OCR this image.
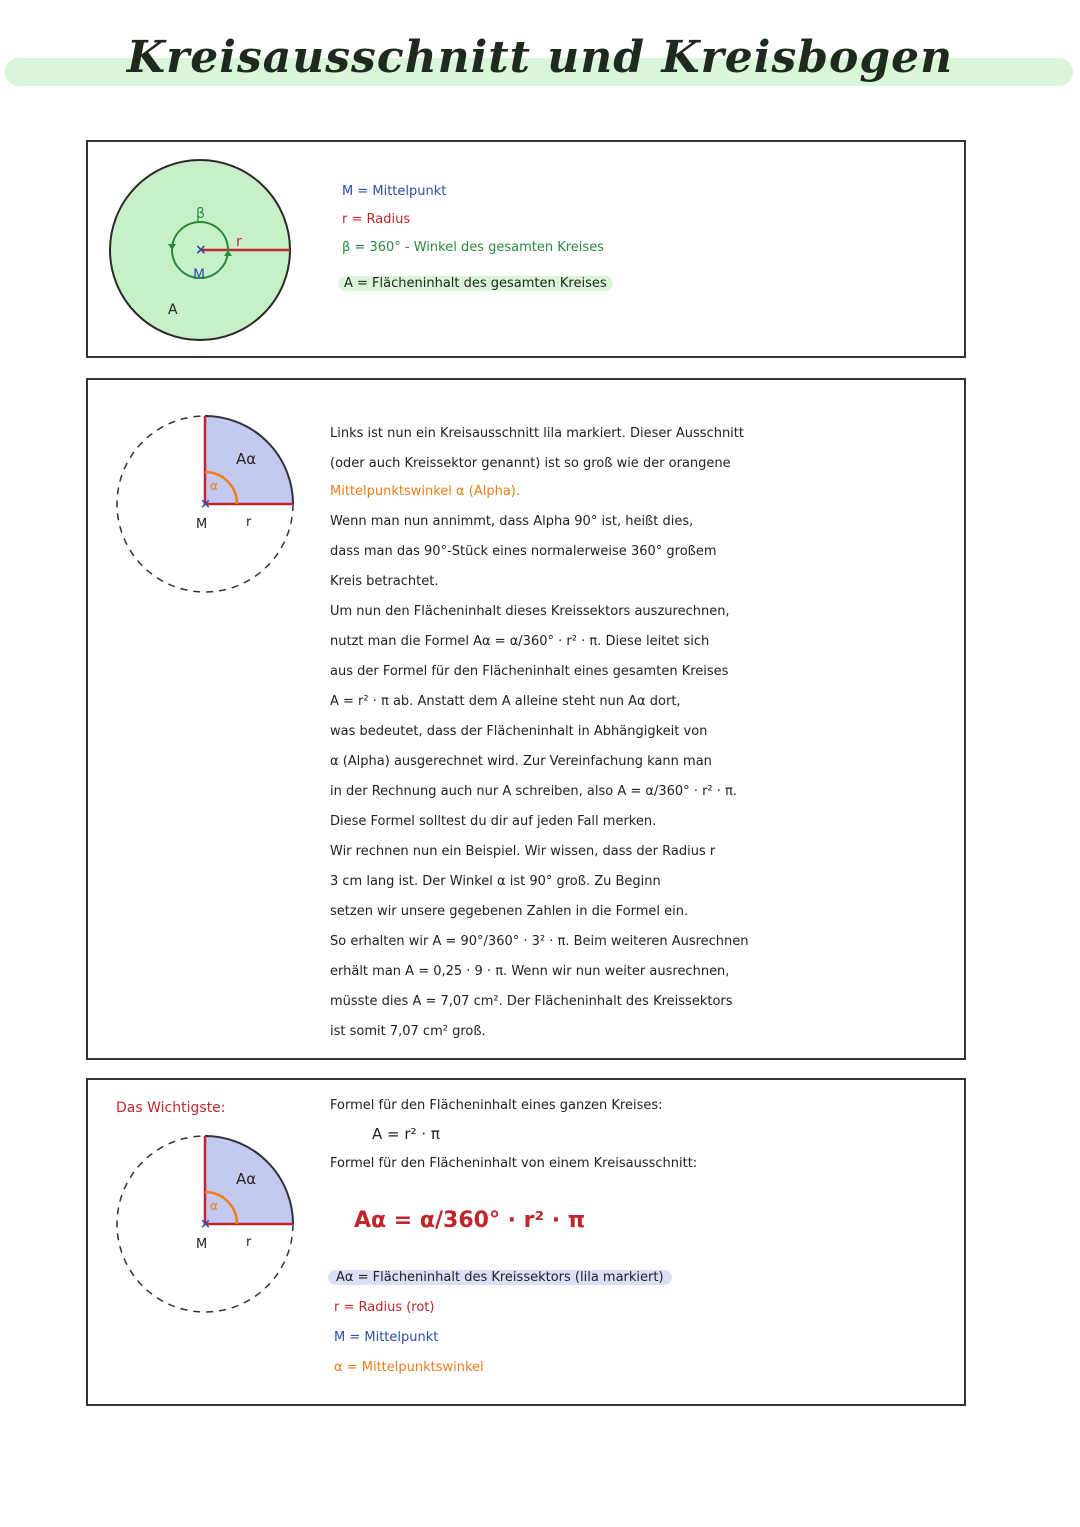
Kreisausschnitt und Kreisbogen
β
×
M
r
A
M = Mittelpunkt
r = Radius
β = 360° - Winkel des gesamten Kreises
A = Flächeninhalt des gesamten Kreises
α
Aα
×
M	r
Links ist nun ein Kreisausschnitt lila markiert. Dieser Ausschnitt
(oder auch Kreissektor genannt) ist so groß wie der orangene
Mittelpunktswinkel α (Alpha).
Wenn man nun annimmt, dass Alpha 90° ist, heißt dies,
dass man das 90°-Stück eines normalerweise 360° großem
Kreis betrachtet.
Um nun den Flächeninhalt dieses Kreissektors auszurechnen,
nutzt man die Formel Aα = α/360° · r² · π. Diese leitet sich
aus der Formel für den Flächeninhalt eines gesamten Kreises
A = r² · π ab. Anstatt dem A alleine steht nun Aα dort,
was bedeutet, dass der Flächeninhalt in Abhängigkeit von
α (Alpha) ausgerechnet wird. Zur Vereinfachung kann man
in der Rechnung auch nur A schreiben, also A = α/360° · r² · π.
Diese Formel solltest du dir auf jeden Fall merken.
Wir rechnen nun ein Beispiel. Wir wissen, dass der Radius r
3 cm lang ist. Der Winkel α ist 90° groß. Zu Beginn
setzen wir unsere gegebenen Zahlen in die Formel ein.
So erhalten wir A = 90°/360° · 3² · π. Beim weiteren Ausrechnen
erhält man A = 0,25 · 9 · π. Wenn wir nun weiter ausrechnen,
müsste dies A = 7,07 cm². Der Flächeninhalt des Kreissektors
ist somit 7,07 cm² groß.
Das Wichtigste:
α
Aα
×
M	r
Formel für den Flächeninhalt eines ganzen Kreises:
A = r² · π
Formel für den Flächeninhalt von einem Kreisausschnitt:
Aα = α/360° · r² · π
Aα = Flächeninhalt des Kreissektors (lila markiert)
r = Radius (rot)
M = Mittelpunkt
α = Mittelpunktswinkel
